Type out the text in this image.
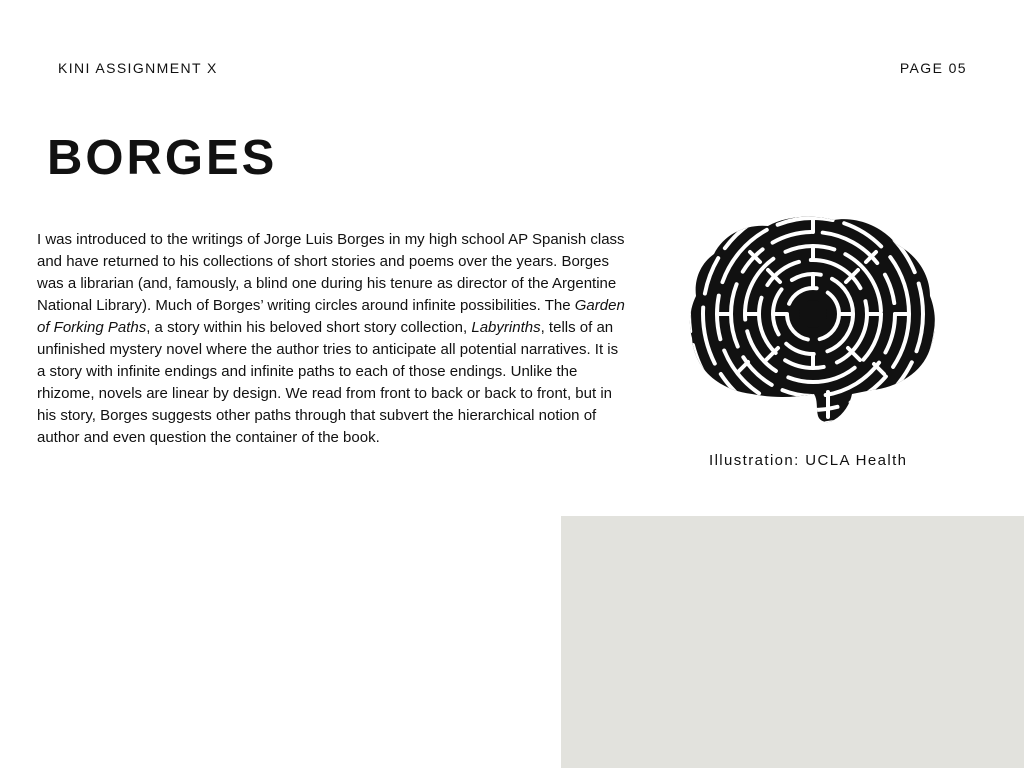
KINI ASSIGNMENT X	PAGE 05
BORGES

I was introduced to the writings of Jorge Luis Borges in my high school AP Spanish class and have returned to his collections of short stories and poems over the years. Borges was a librarian (and, famously, a blind one during his tenure as director of the Argentine National Library). Much of Borges’ writing circles around infinite possibilities. The Garden of Forking Paths, a story within his beloved short story collection, Labyrinths, tells of an unfinished mystery novel where the author tries to anticipate all potential narratives. It is a story with infinite endings and infinite paths to each of those endings. Unlike the rhizome, novels are linear by design. We read from front to back or back to front, but in his story, Borges suggests other paths through that subvert the hierarchical notion of author and even question the container of the book.

Illustration: UCLA Health
